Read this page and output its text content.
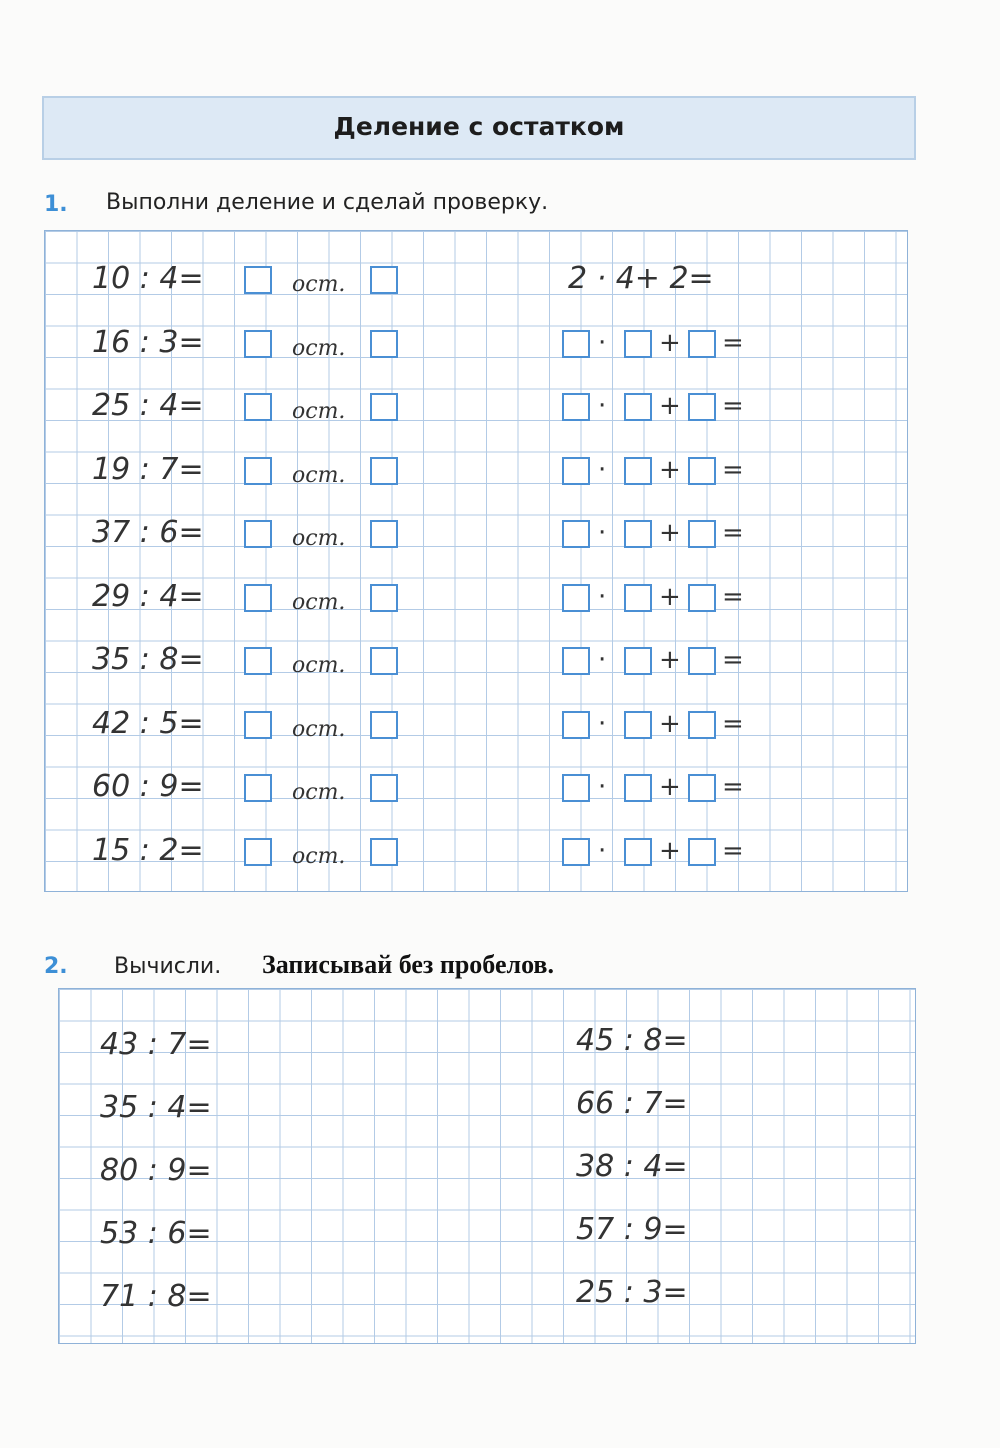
Деление с остатком
1. Выполни деление и сделай проверку.
10 : 4=	ост.	2 · 4+ 2=
16 : 3=	ост.	· + =
25 : 4=	ост.	· + =
19 : 7=	ост.	· + =
37 : 6=	ост.	· + =
29 : 4=	ост.	· + =
35 : 8=	ост.	· + =
42 : 5=	ост.	· + =
60 : 9=	ост.	· + =
15 : 2=	ост.	· + =
2. Вычисли. Записывай без пробелов.
43 : 7=
35 : 4=
80 : 9=
53 : 6=
71 : 8=
45 : 8=
66 : 7=
38 : 4=
57 : 9=
25 : 3=
